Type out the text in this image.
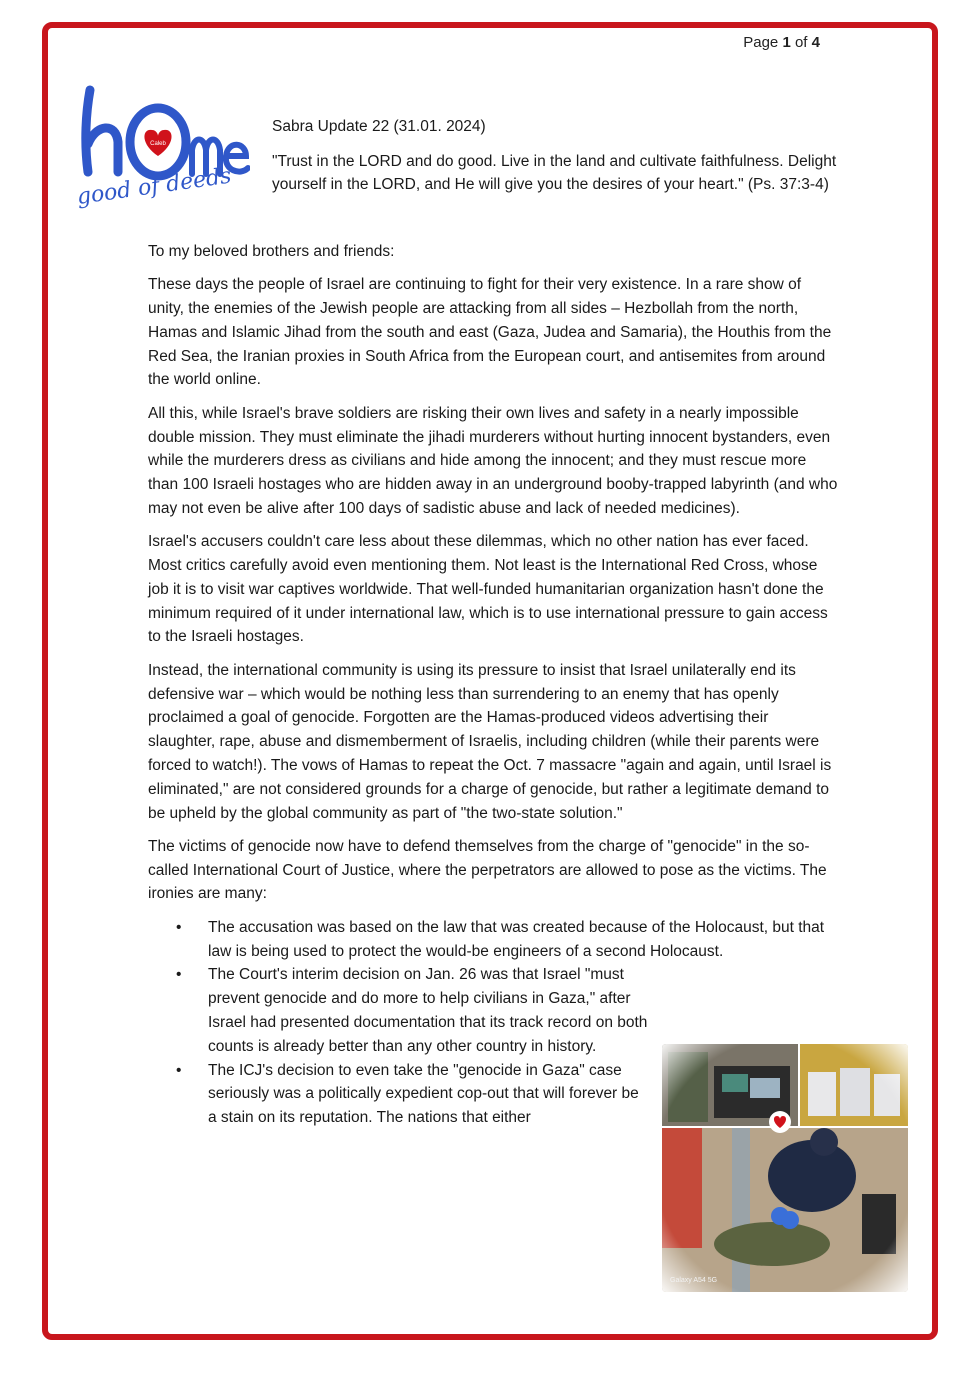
Page 1 of 4
Caleb
good of deeds
Sabra Update 22 (31.01. 2024)
"Trust in the LORD and do good. Live in the land and cultivate faithfulness. Delight yourself in the LORD, and He will give you the desires of your heart." (Ps. 37:3-4)

To my beloved brothers and friends:

These days the people of Israel are continuing to fight for their very existence. In a rare show of unity, the enemies of the Jewish people are attacking from all sides – Hezbollah from the north, Hamas and Islamic Jihad from the south and east (Gaza, Judea and Samaria), the Houthis from the Red Sea, the Iranian proxies in South Africa from the European court, and antisemites from around the world online.

All this, while Israel's brave soldiers are risking their own lives and safety in a nearly impossible double mission. They must eliminate the jihadi murderers without hurting innocent bystanders, even while the murderers dress as civilians and hide among the innocent; and they must rescue more than 100 Israeli hostages who are hidden away in an underground booby-trapped labyrinth (and who may not even be alive after 100 days of sadistic abuse and lack of needed medicines).

Israel's accusers couldn't care less about these dilemmas, which no other nation has ever faced. Most critics carefully avoid even mentioning them. Not least is the International Red Cross, whose job it is to visit war captives worldwide. That well-funded humanitarian organization hasn't done the minimum required of it under international law, which is to use international pressure to gain access to the Israeli hostages.

Instead, the international community is using its pressure to insist that Israel unilaterally end its defensive war – which would be nothing less than surrendering to an enemy that has openly proclaimed a goal of genocide. Forgotten are the Hamas-produced videos advertising their slaughter, rape, abuse and dismemberment of Israelis, including children (while their parents were forced to watch!). The vows of Hamas to repeat the Oct. 7 massacre "again and again, until Israel is eliminated," are not considered grounds for a charge of genocide, but rather a legitimate demand to be upheld by the global community as part of "the two-state solution."

The victims of genocide now have to defend themselves from the charge of "genocide" in the so-called International Court of Justice, where the perpetrators are allowed to pose as the victims. The ironies are many:

• The accusation was based on the law that was created because of the Holocaust, but that law is being used to protect the would-be engineers of a second Holocaust.
• The Court's interim decision on Jan. 26 was that Israel "must prevent genocide and do more to help civilians in Gaza," after Israel had presented documentation that its track record on both counts is already better than any other country in history.
• The ICJ's decision to even take the "genocide in Gaza" case seriously was a politically expedient cop-out that will forever be a stain on its reputation. The nations that either
Galaxy A54 5G
